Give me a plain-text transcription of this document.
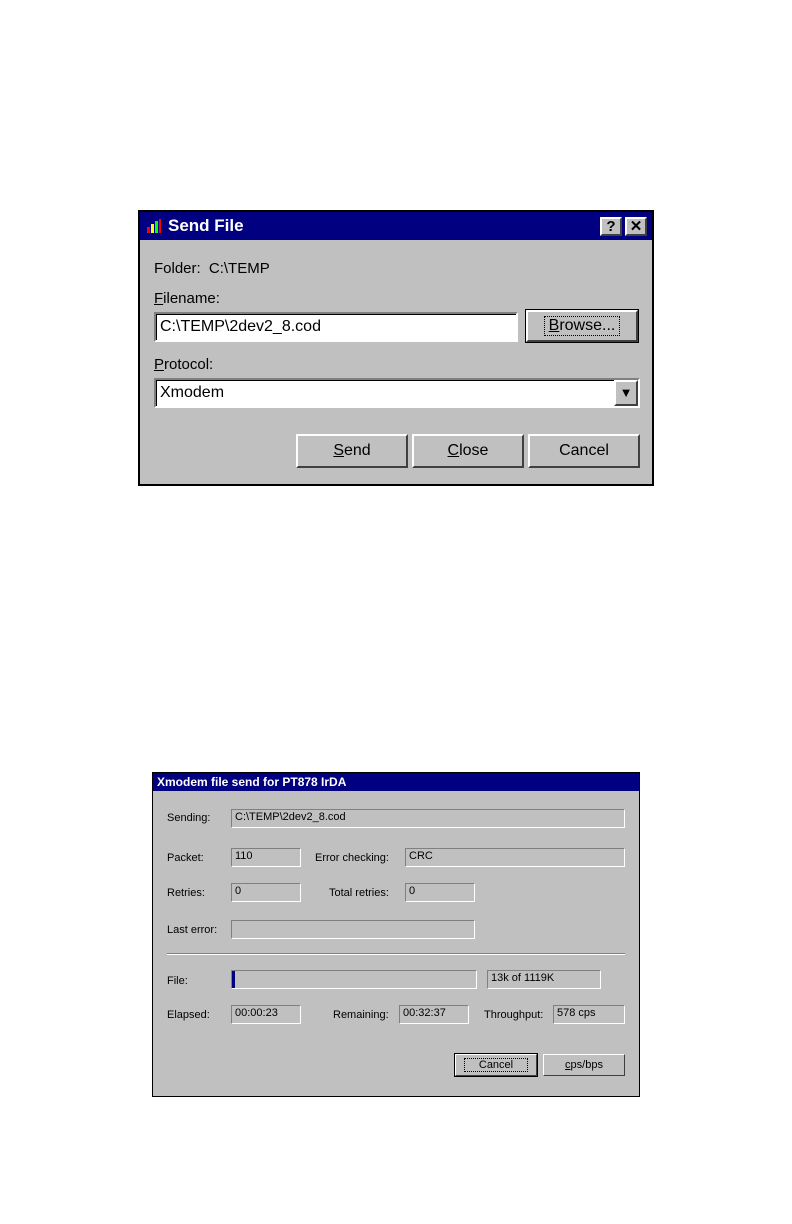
Send File	? ✕
Folder: C:\TEMP
Filename:
C:\TEMP\2dev2_8.cod	Browse...
Protocol:
Xmodem	▼
S end	C lose	Cancel
Xmodem file send for PT878 IrDA
Sending:	C:\TEMP\2dev2_8.cod
Packet:	110	Error checking:	CRC
Retries:	0	Total retries:	0
Last error:
File:	13k of 1119K
Elapsed:	00:00:23	Remaining:	00:32:37	Throughput:	578 cps
Cancel	c ps/bps
